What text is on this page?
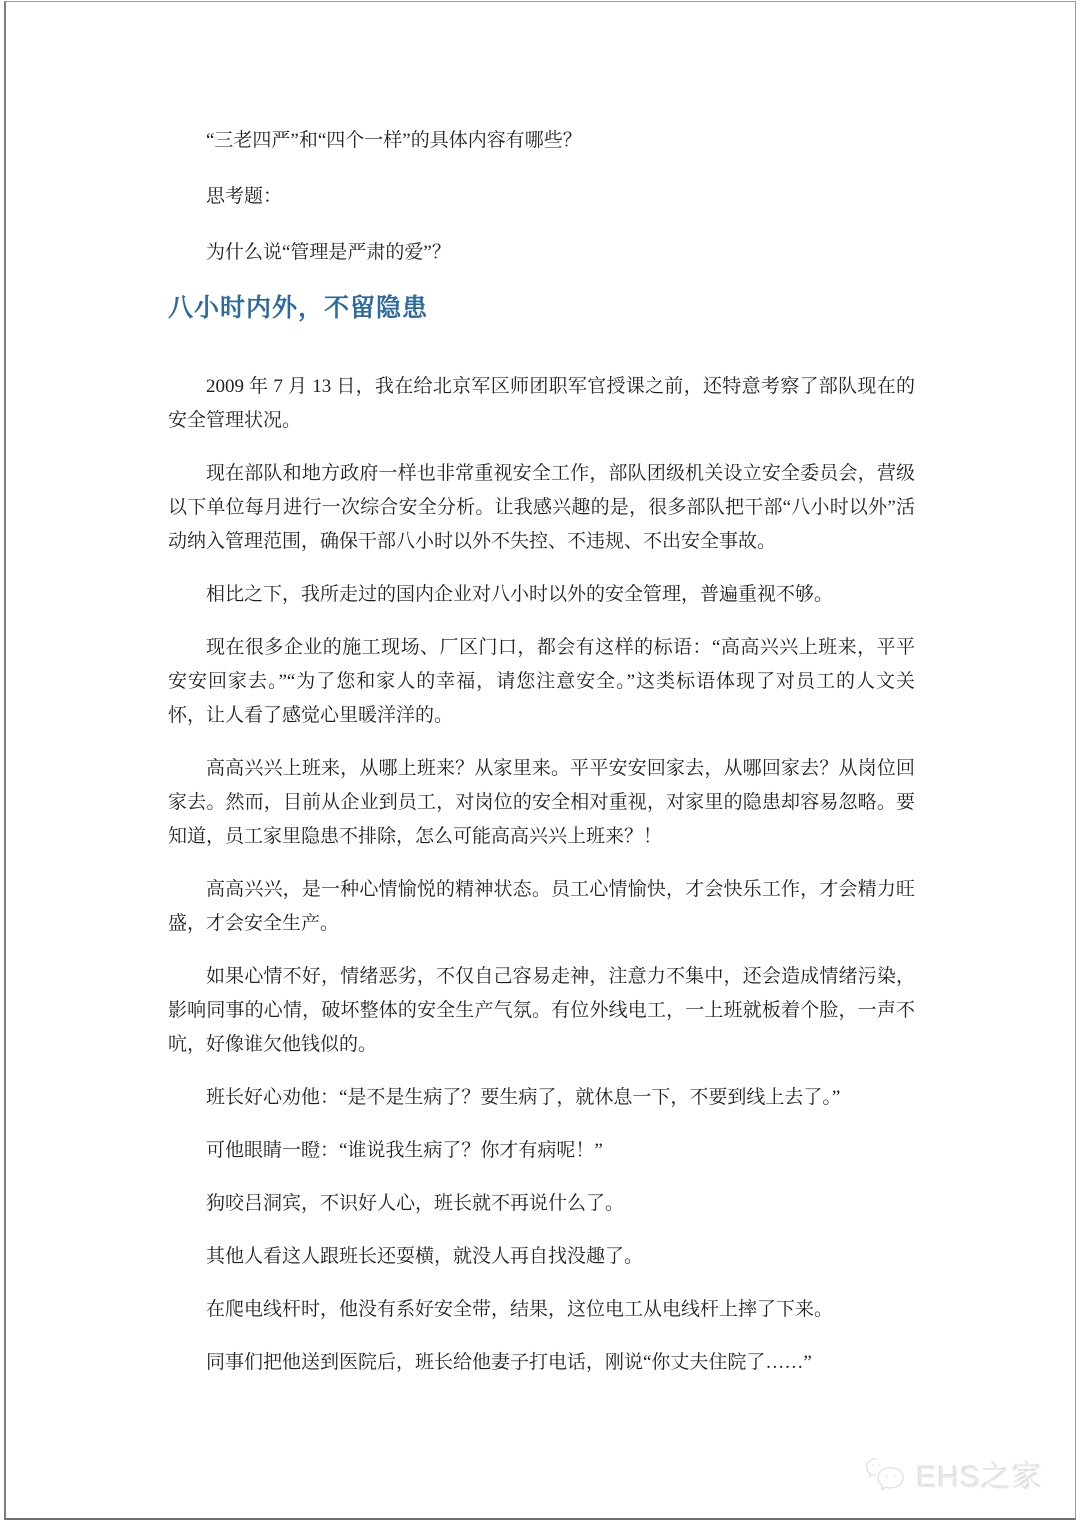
“三老四严”和“四个一样”的具体内容有哪些？

思考题：

为什么说“管理是严肃的爱”？

八小时内外，不留隐患

2009 年 7 月 13 日，我在给北京军区师团职军官授课之前，还特意考察了部队现在的安全管理状况。

现在部队和地方政府一样也非常重视安全工作，部队团级机关设立安全委员会，营级以下单位每月进行一次综合安全分析。让我感兴趣的是，很多部队把干部“八小时以外”活动纳入管理范围，确保干部八小时以外不失控、不违规、不出安全事故。

相比之下，我所走过的国内企业对八小时以外的安全管理，普遍重视不够。

现在很多企业的施工现场、厂区门口，都会有这样的标语：“高高兴兴上班来，平平安安回家去。”“为了您和家人的幸福，请您注意安全。”这类标语体现了对员工的人文关怀，让人看了感觉心里暖洋洋的。

高高兴兴上班来，从哪上班来？从家里来。平平安安回家去，从哪回家去？从岗位回家去。然而，目前从企业到员工，对岗位的安全相对重视，对家里的隐患却容易忽略。要知道，员工家里隐患不排除，怎么可能高高兴兴上班来？！

高高兴兴，是一种心情愉悦的精神状态。员工心情愉快，才会快乐工作，才会精力旺盛，才会安全生产。

如果心情不好，情绪恶劣，不仅自己容易走神，注意力不集中，还会造成情绪污染，影响同事的心情，破坏整体的安全生产气氛。有位外线电工，一上班就板着个脸，一声不吭，好像谁欠他钱似的。

班长好心劝他：“是不是生病了？要生病了，就休息一下，不要到线上去了。”

可他眼睛一瞪：“谁说我生病了？你才有病呢！”

狗咬吕洞宾，不识好人心，班长就不再说什么了。

其他人看这人跟班长还耍横，就没人再自找没趣了。

在爬电线杆时，他没有系好安全带，结果，这位电工从电线杆上摔了下来。

同事们把他送到医院后，班长给他妻子打电话，刚说“你丈夫住院了……”

EHS之家
